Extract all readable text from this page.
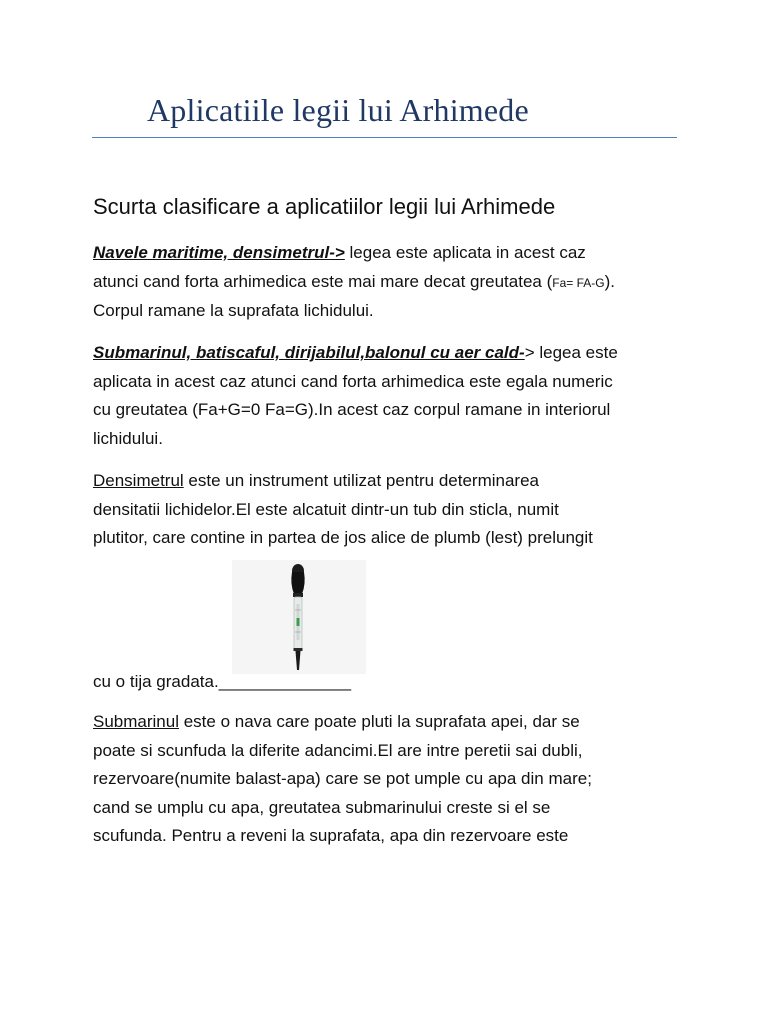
Aplicatiile legii lui Arhimede
Scurta clasificare a aplicatiilor legii lui Arhimede
Navele maritime, densimetrul-> legea este aplicata in acest caz
atunci cand forta arhimedica este mai mare decat greutatea (Fa= FA-G).
Corpul ramane la suprafata lichidului.
Submarinul, batiscaful, dirijabilul,balonul cu aer cald-> legea este
aplicata in acest caz atunci cand forta arhimedica este egala numeric
cu greutatea (Fa+G=0 Fa=G).In acest caz corpul ramane in interiorul
lichidului.
Densimetrul este un instrument utilizat pentru determinarea
densitatii lichidelor.El este alcatuit dintr-un tub din sticla, numit
plutitor, care contine in partea de jos alice de plumb (lest) prelungit
cu o tija gradata.______________
Submarinul este o nava care poate pluti la suprafata apei, dar se
poate si scunfuda la diferite adancimi.El are intre peretii sai dubli,
rezervoare(numite balast-apa) care se pot umple cu apa din mare;
cand se umplu cu apa, greutatea submarinului creste si el se
scufunda. Pentru a reveni la suprafata, apa din rezervoare este
